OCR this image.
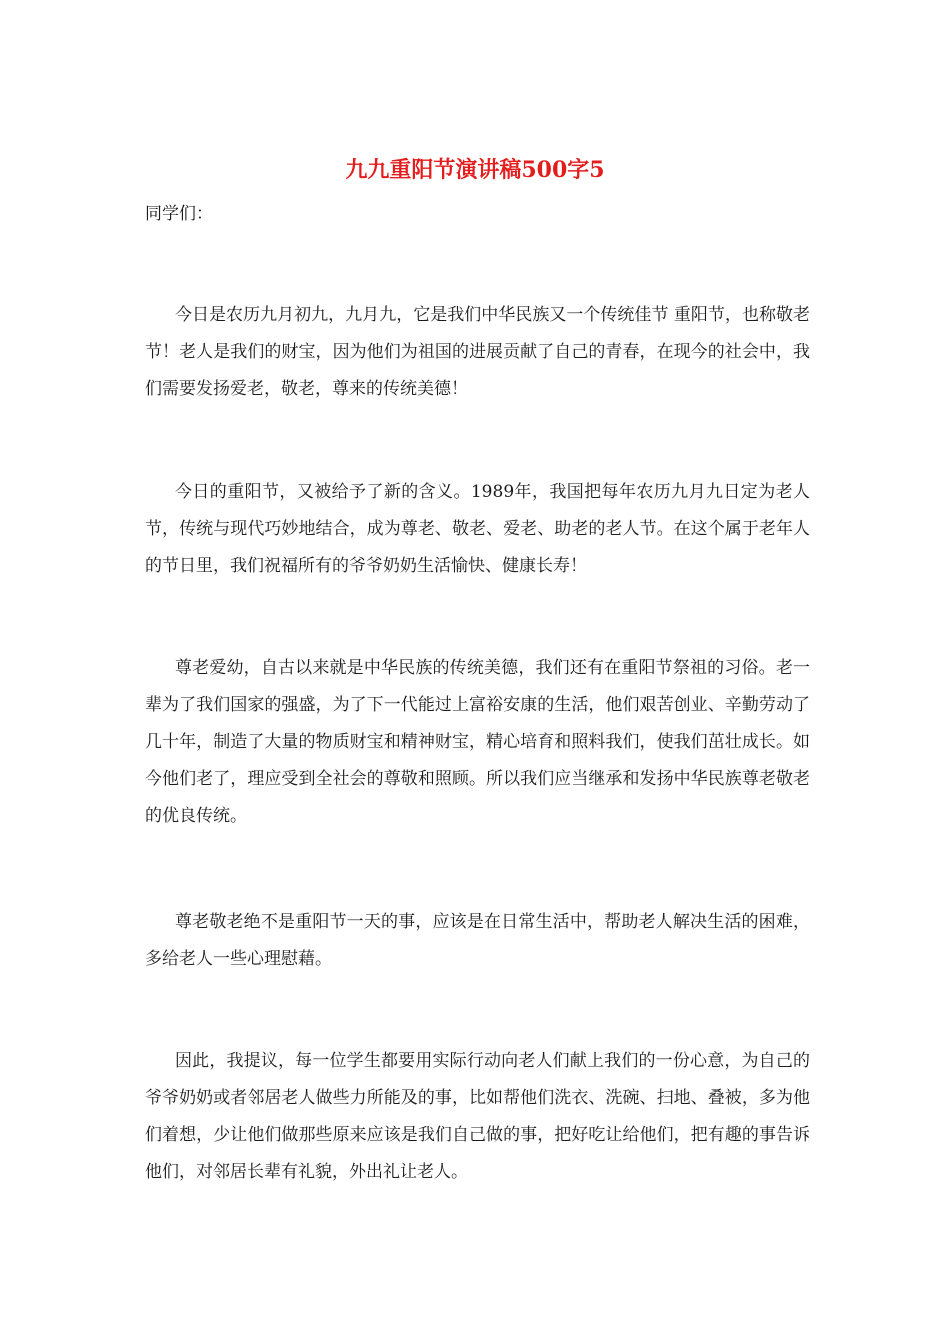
九九重阳节演讲稿500字5
同学们：

今日是农历九月初九，九月九，它是我们中华民族又一个传统佳节 重阳节，也称敬老节！老人是我们的财宝，因为他们为祖国的进展贡献了自己的青春，在现今的社会中，我们需要发扬爱老，敬老，尊来的传统美德！

今日的重阳节，又被给予了新的含义。1989年，我国把每年农历九月九日定为老人节，传统与现代巧妙地结合，成为尊老、敬老、爱老、助老的老人节。在这个属于老年人的节日里，我们祝福所有的爷爷奶奶生活愉快、健康长寿！

尊老爱幼，自古以来就是中华民族的传统美德，我们还有在重阳节祭祖的习俗。老一辈为了我们国家的强盛，为了下一代能过上富裕安康的生活，他们艰苦创业、辛勤劳动了几十年，制造了大量的物质财宝和精神财宝，精心培育和照料我们，使我们茁壮成长。如今他们老了，理应受到全社会的尊敬和照顾。所以我们应当继承和发扬中华民族尊老敬老的优良传统。

尊老敬老绝不是重阳节一天的事，应该是在日常生活中，帮助老人解决生活的困难，多给老人一些心理慰藉。

因此，我提议，每一位学生都要用实际行动向老人们献上我们的一份心意，为自己的爷爷奶奶或者邻居老人做些力所能及的事，比如帮他们洗衣、洗碗、扫地、叠被，多为他们着想，少让他们做那些原来应该是我们自己做的事，把好吃让给他们，把有趣的事告诉他们，对邻居长辈有礼貌，外出礼让老人。
